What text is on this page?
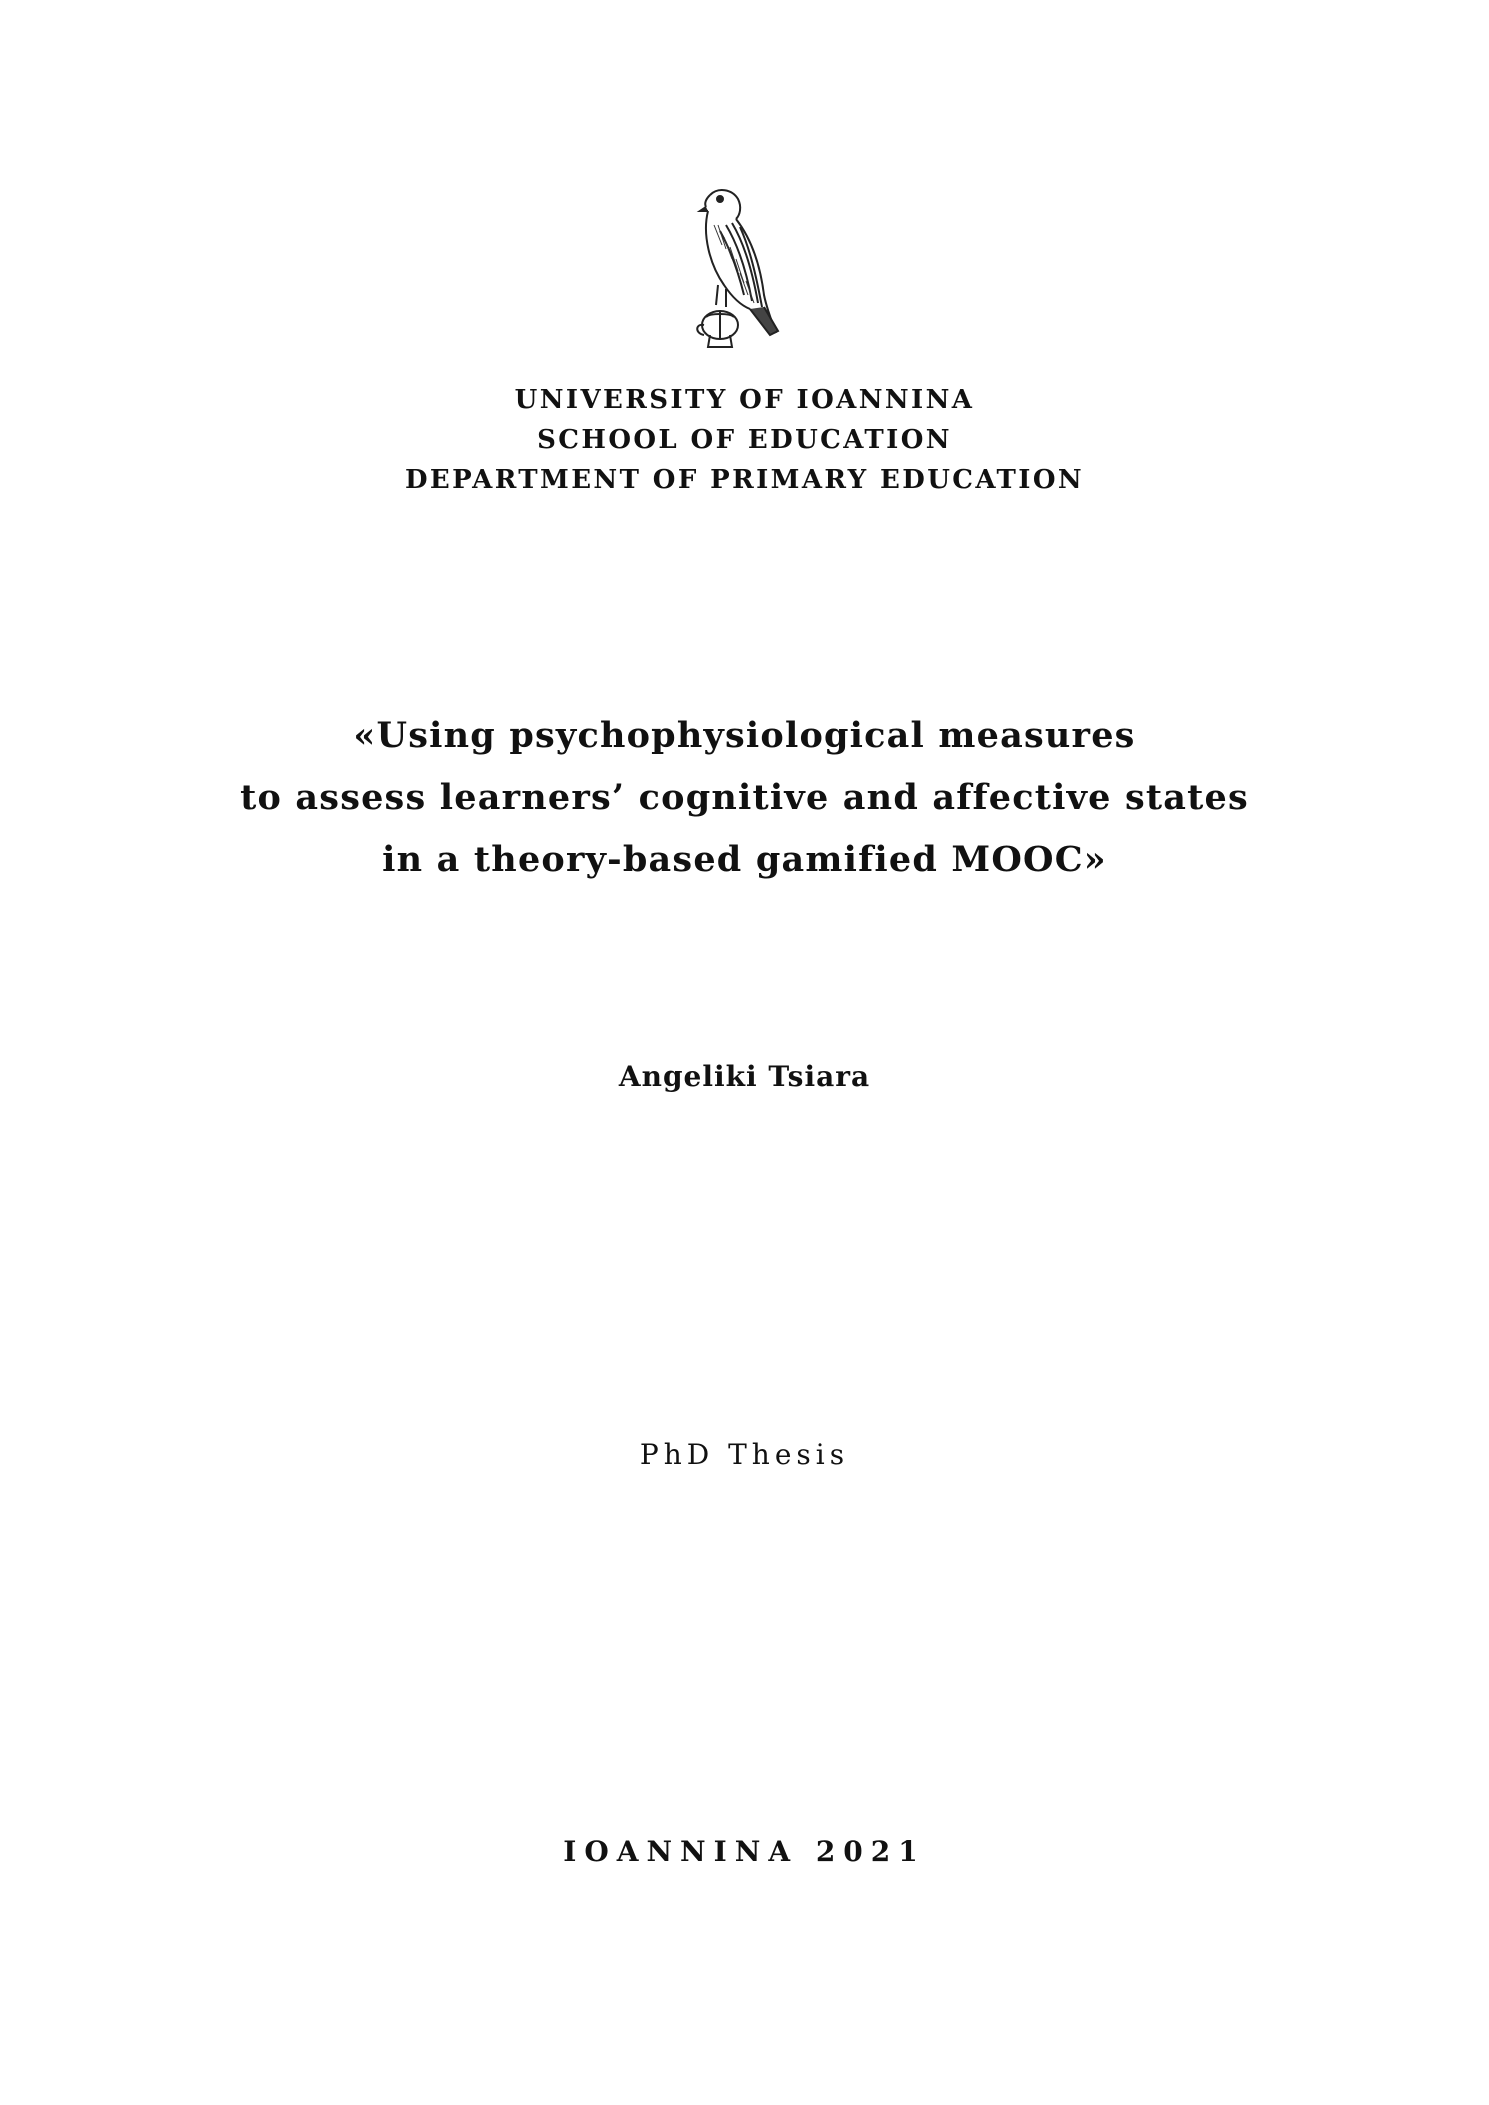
UNIVERSITY OF IOANNINA
SCHOOL OF EDUCATION
DEPARTMENT OF PRIMARY EDUCATION
«Using psychophysiological measures
to assess learners’ cognitive and affective states
in a theory-based gamified MOOC»
Angeliki Tsiara
PhD Thesis
IOANNINA 2021
